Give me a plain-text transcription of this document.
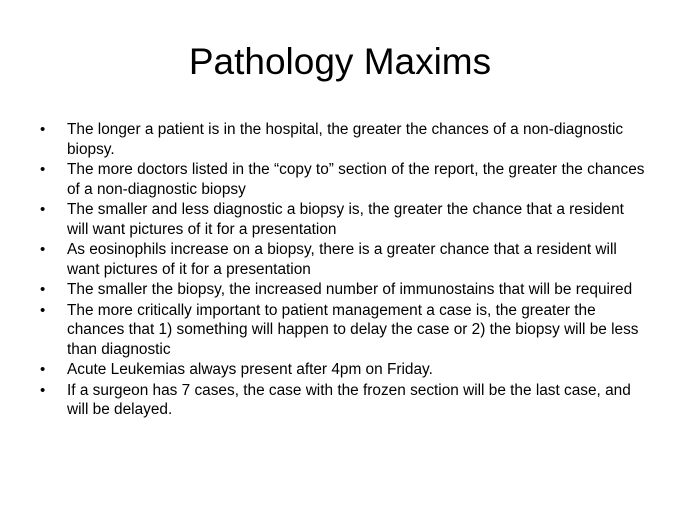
Pathology Maxims
• The longer a patient is in the hospital, the greater the chances of a non-diagnostic biopsy.
• The more doctors listed in the “copy to” section of the report, the greater the chances of a non-diagnostic biopsy
• The smaller and less diagnostic a biopsy is, the greater the chance that a resident will want pictures of it for a presentation
• As eosinophils increase on a biopsy, there is a greater chance that a resident will want pictures of it for a presentation
• The smaller the biopsy, the increased number of immunostains that will be required
• The more critically important to patient management a case is, the greater the chances that 1) something will happen to delay the case or 2) the biopsy will be less than diagnostic
• Acute Leukemias always present after 4pm on Friday.
• If a surgeon has 7 cases, the case with the frozen section will be the last case, and will be delayed.
